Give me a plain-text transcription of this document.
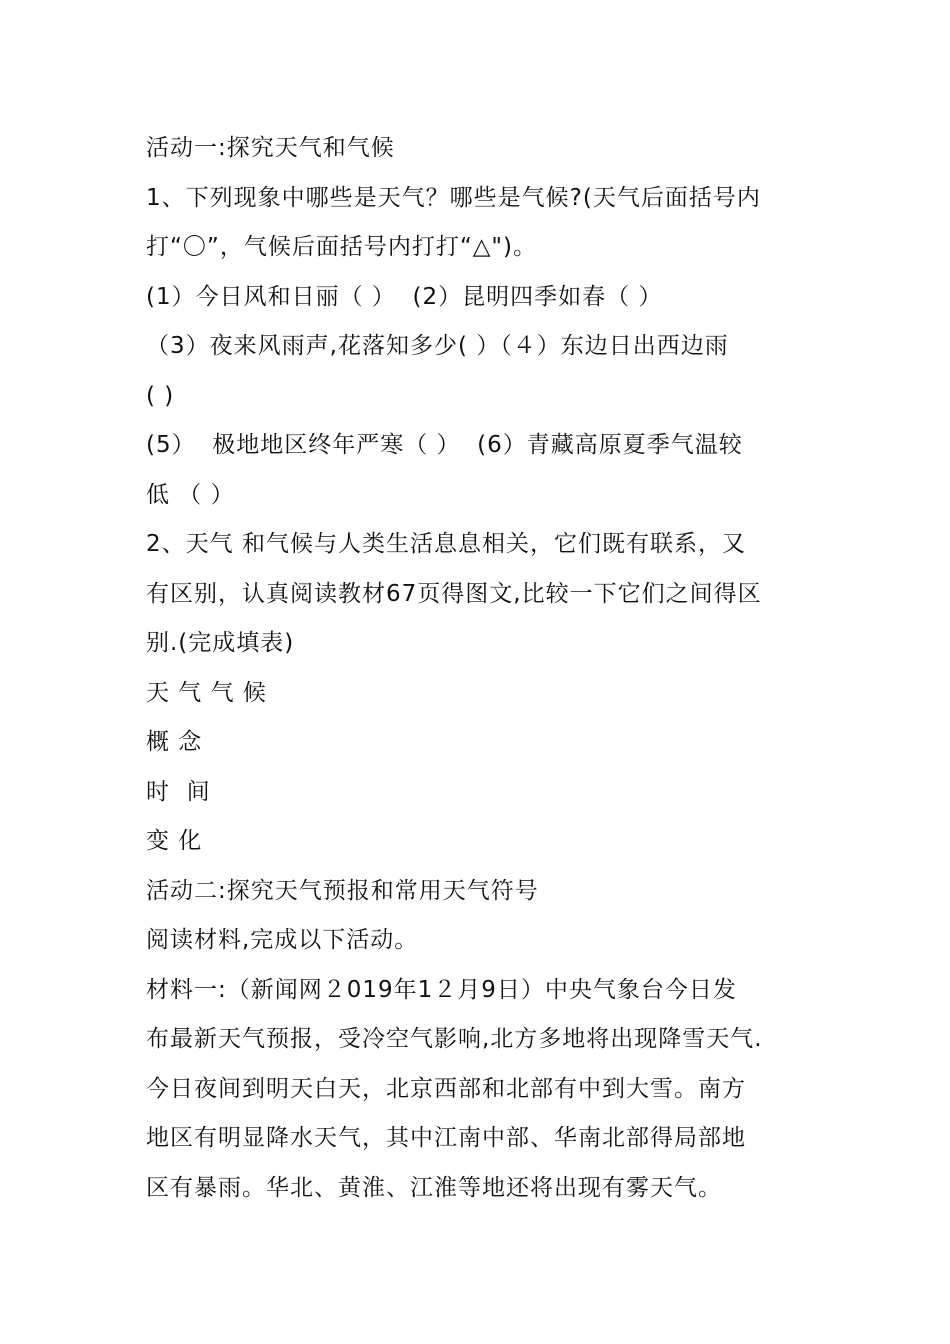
活动一:探究天气和气候
1、下列现象中哪些是天气？哪些是气候?(天气后面括号内
打“〇”，气候后面括号内打打“△")。
(1）今日风和日丽（ ）  (2）昆明四季如春（ ）
（3）夜来风雨声,花落知多少( ）（４）东边日出西边雨
( )
(5）  极地地区终年严寒（ ）  (6）青藏高原夏季气温较
低 （ ）
2、天气 和气候与人类生活息息相关，它们既有联系，又
有区别，认真阅读教材67页得图文,比较一下它们之间得区
别.(完成填表)
天 气 气 候
概 念
时  间
变 化
活动二:探究天气预报和常用天气符号
阅读材料,完成以下活动。
材料一:（新闻网２019年1２月9日）中央气象台今日发
布最新天气预报，受冷空气影响,北方多地将出现降雪天气.
今日夜间到明天白天，北京西部和北部有中到大雪。南方
地区有明显降水天气，其中江南中部、华南北部得局部地
区有暴雨。华北、黄淮、江淮等地还将出现有雾天气。
